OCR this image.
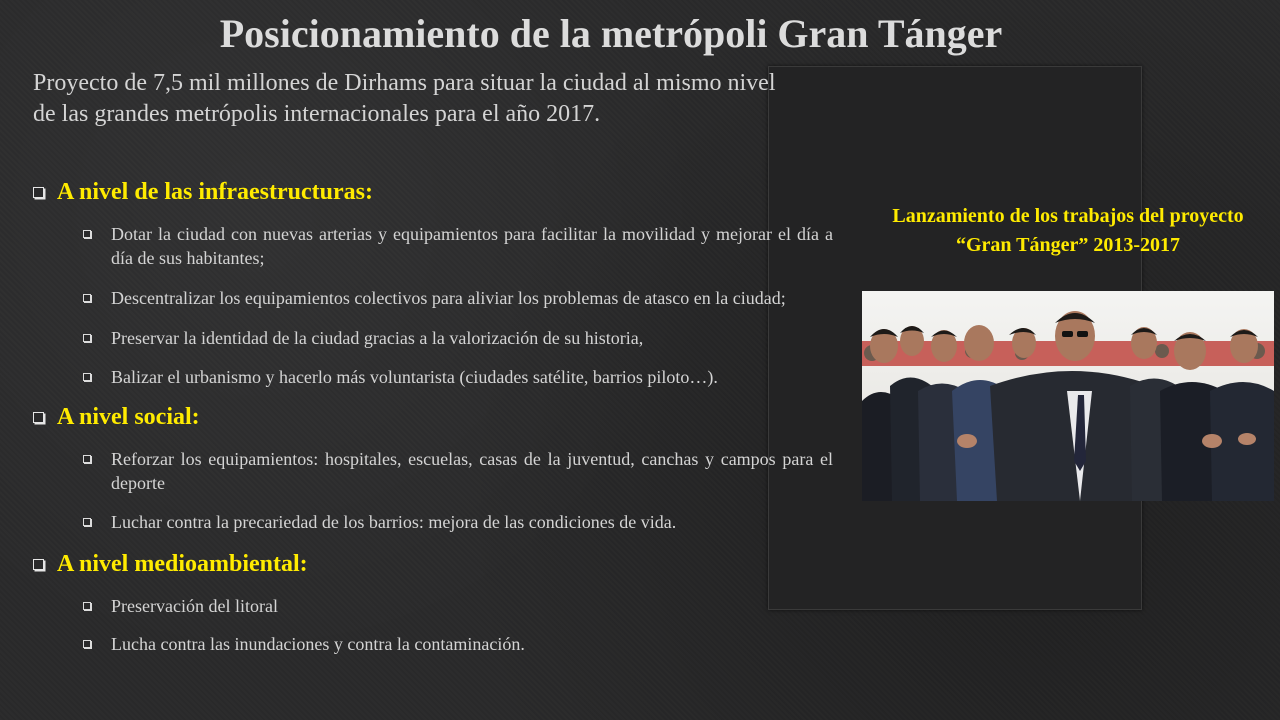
Posicionamiento de la metrópoli Gran Tánger

Proyecto de 7,5 mil millones de Dirhams para situar la ciudad al mismo nivel de las grandes metrópolis internacionales para el año 2017.

A nivel de las infraestructuras:
Dotar la ciudad con nuevas arterias y equipamientos para facilitar la movilidad y mejorar el día a día de sus habitantes;
Descentralizar los equipamientos colectivos para aliviar los problemas de atasco en la ciudad;
Preservar la identidad de la ciudad gracias a la valorización de su historia,
Balizar el urbanismo y hacerlo más voluntarista (ciudades satélite, barrios piloto…).
A nivel social:
Reforzar los equipamientos: hospitales, escuelas, casas de la juventud, canchas y campos para el deporte
Luchar contra la precariedad de los barrios: mejora de las condiciones de vida.
A nivel medioambiental:
Preservación del litoral
Lucha contra las inundaciones y contra la contaminación.

Lanzamiento de los trabajos del proyecto “Gran Tánger” 2013-2017
